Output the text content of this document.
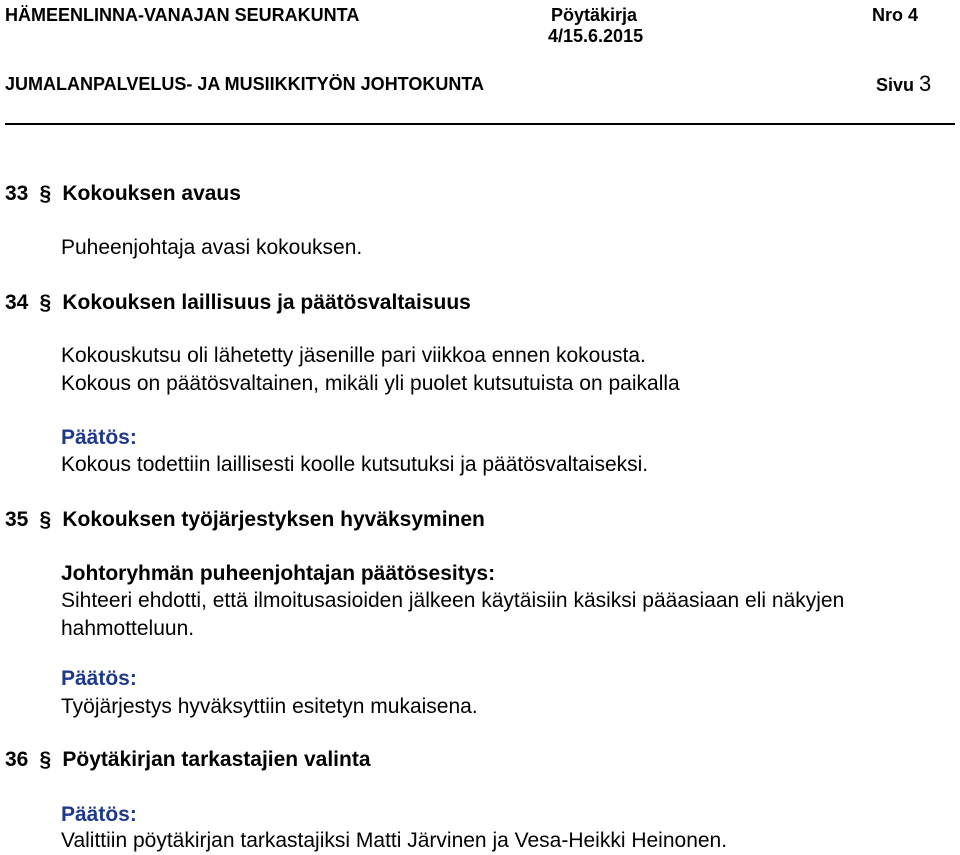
HÄMEENLINNA-VANAJAN SEURAKUNTA	Pöytäkirja	Nro 4
4/15.6.2015
JUMALANPALVELUS- JA MUSIIKKITYÖN JOHTOKUNTA	Sivu 3
33 § Kokouksen avaus
Puheenjohtaja avasi kokouksen.
34 § Kokouksen laillisuus ja päätösvaltaisuus
Kokouskutsu oli lähetetty jäsenille pari viikkoa ennen kokousta.
Kokous on päätösvaltainen, mikäli yli puolet kutsutuista on paikalla
Päätös:
Kokous todettiin laillisesti koolle kutsutuksi ja päätösvaltaiseksi.
35 § Kokouksen työjärjestyksen hyväksyminen
Johtoryhmän puheenjohtajan päätösesitys:
Sihteeri ehdotti, että ilmoitusasioiden jälkeen käytäisiin käsiksi pääasiaan eli näkyjen
hahmotteluun.
Päätös:
Työjärjestys hyväksyttiin esitetyn mukaisena.
36 § Pöytäkirjan tarkastajien valinta
Päätös:
Valittiin pöytäkirjan tarkastajiksi Matti Järvinen ja Vesa-Heikki Heinonen.
